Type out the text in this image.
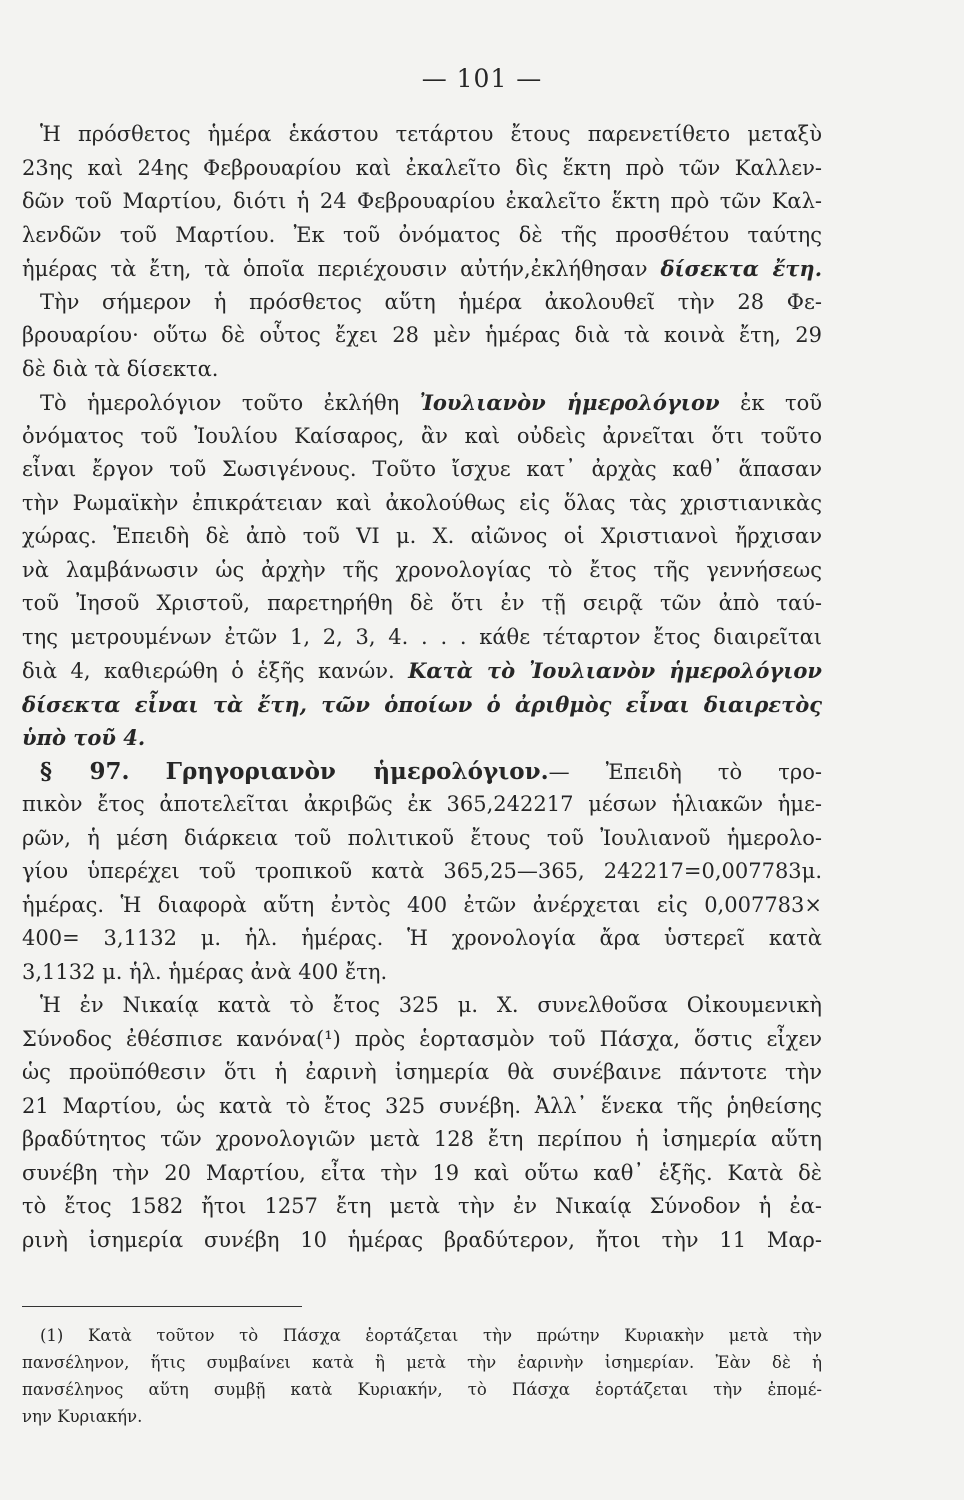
— 101 —
Ἡ πρόσθετος ἡμέρα ἑκάστου τετάρτου ἔτους παρενετίθετο μεταξὺ
23ης καὶ 24ης Φεβρουαρίου καὶ ἐκαλεῖτο δὶς ἕκτη πρὸ τῶν Καλλεν-
δῶν τοῦ Μαρτίου, διότι ἡ 24 Φεβρουαρίου ἐκαλεῖτο ἕκτη πρὸ τῶν Καλ-
λενδῶν τοῦ Μαρτίου. Ἐκ τοῦ ὀνόματος δὲ τῆς προσθέτου ταύτης
ἡμέρας τὰ ἔτη, τὰ ὁποῖα περιέχουσιν αὐτήν,ἐκλήθησαν δίσεκτα ἔτη.
Τὴν σήμερον ἡ πρόσθετος αὕτη ἡμέρα ἀκολουθεῖ τὴν 28 Φε-
βρουαρίου· οὕτω δὲ οὗτος ἔχει 28 μὲν ἡμέρας διὰ τὰ κοινὰ ἔτη, 29
δὲ διὰ τὰ δίσεκτα.
Τὸ ἡμερολόγιον τοῦτο ἐκλήθη Ἰουλιανὸν ἡμερολόγιον ἐκ τοῦ
ὀνόματος τοῦ Ἰουλίου Καίσαρος, ἂν καὶ οὐδεὶς ἀρνεῖται ὅτι τοῦτο
εἶναι ἔργον τοῦ Σωσιγένους. Τοῦτο ἴσχυε κατ᾽ ἀρχὰς καθ᾽ ἅπασαν
τὴν Ρωμαϊκὴν ἐπικράτειαν καὶ ἀκολούθως εἰς ὅλας τὰς χριστιανικὰς
χώρας. Ἐπειδὴ δὲ ἀπὸ τοῦ VI μ. Χ. αἰῶνος οἱ Χριστιανοὶ ἤρχισαν
νὰ λαμβάνωσιν ὡς ἀρχὴν τῆς χρονολογίας τὸ ἔτος τῆς γεννήσεως
τοῦ Ἰησοῦ Χριστοῦ, παρετηρήθη δὲ ὅτι ἐν τῇ σειρᾷ τῶν ἀπὸ ταύ-
της μετρουμένων ἐτῶν 1, 2, 3, 4. . . . κάθε τέταρτον ἔτος διαιρεῖται
διὰ 4, καθιερώθη ὁ ἑξῆς κανών. Κατὰ τὸ Ἰουλιανὸν ἡμερολόγιον
δίσεκτα εἶναι τὰ ἔτη, τῶν ὁποίων ὁ ἀριθμὸς εἶναι διαιρετὸς
ὑπὸ τοῦ 4.
§ 97. Γρηγοριανὸν ἡμερολόγιον.— Ἐπειδὴ τὸ τρο-
πικὸν ἔτος ἀποτελεῖται ἀκριβῶς ἐκ 365,242217 μέσων ἡλιακῶν ἡμε-
ρῶν, ἡ μέση διάρκεια τοῦ πολιτικοῦ ἔτους τοῦ Ἰουλιανοῦ ἡμερολο-
γίου ὑπερέχει τοῦ τροπικοῦ κατὰ 365,25—365, 242217=0,007783μ.
ἡμέρας. Ἡ διαφορὰ αὕτη ἐντὸς 400 ἐτῶν ἀνέρχεται εἰς 0,007783×
400= 3,1132 μ. ἡλ. ἡμέρας. Ἡ χρονολογία ἄρα ὑστερεῖ κατὰ
3,1132 μ. ἡλ. ἡμέρας ἀνὰ 400 ἔτη.
Ἡ ἐν Νικαίᾳ κατὰ τὸ ἔτος 325 μ. Χ. συνελθοῦσα Οἰκουμενικὴ
Σύνοδος ἐθέσπισε κανόνα(¹) πρὸς ἑορτασμὸν τοῦ Πάσχα, ὅστις εἶχεν
ὡς προϋπόθεσιν ὅτι ἡ ἐαρινὴ ἰσημερία θὰ συνέβαινε πάντοτε τὴν
21 Μαρτίου, ὡς κατὰ τὸ ἔτος 325 συνέβη. Ἀλλ᾽ ἕνεκα τῆς ῥηθείσης
βραδύτητος τῶν χρονολογιῶν μετὰ 128 ἔτη περίπου ἡ ἰσημερία αὕτη
συνέβη τὴν 20 Μαρτίου, εἶτα τὴν 19 καὶ οὕτω καθ᾽ ἑξῆς. Κατὰ δὲ
τὸ ἔτος 1582 ἤτοι 1257 ἔτη μετὰ τὴν ἐν Νικαίᾳ Σύνοδον ἡ ἐα-
ρινὴ ἰσημερία συνέβη 10 ἡμέρας βραδύτερον, ἤτοι τὴν 11 Μαρ-
(1) Κατὰ τοῦτον τὸ Πάσχα ἑορτάζεται τὴν πρώτην Κυριακὴν μετὰ τὴν
πανσέληνον, ἥτις συμβαίνει κατὰ ἢ μετὰ τὴν ἐαρινὴν ἰσημερίαν. Ἐὰν δὲ ἡ
πανσέληνος αὕτη συμβῇ κατὰ Κυριακήν, τὸ Πάσχα ἑορτάζεται τὴν ἑπομέ-
νην Κυριακήν.
